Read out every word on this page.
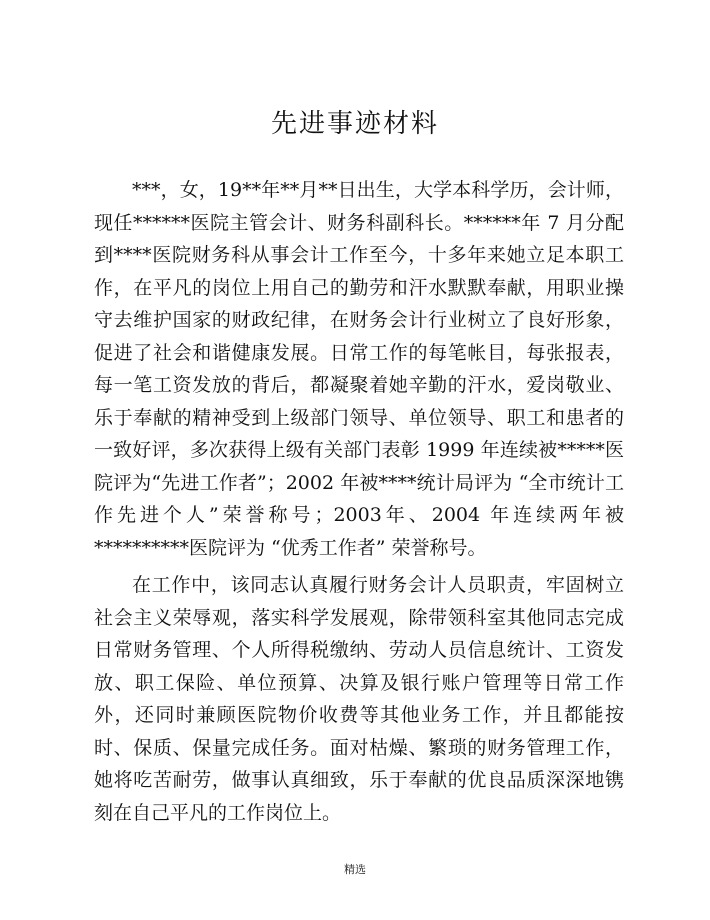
先进事迹材料

***，女，19**年**月**日出生，大学本科学历，会计师，现任******医院主管会计、财务科副科长。******年 7 月分配到****医院财务科从事会计工作至今，十多年来她立足本职工作，在平凡的岗位上用自己的勤劳和汗水默默奉献，用职业操守去维护国家的财政纪律，在财务会计行业树立了良好形象，促进了社会和谐健康发展。日常工作的每笔帐目，每张报表，每一笔工资发放的背后，都凝聚着她辛勤的汗水，爱岗敬业、乐于奉献的精神受到上级部门领导、单位领导、职工和患者的一致好评，多次获得上级有关部门表彰 1999 年连续被*****医院评为“先进工作者”；2002 年被****统计局评为 “全市统计工作先进个人”荣誉称号；2003年、2004 年连续两年被**********医院评为 “优秀工作者” 荣誉称号。

在工作中，该同志认真履行财务会计人员职责，牢固树立社会主义荣辱观，落实科学发展观，除带领科室其他同志完成日常财务管理、个人所得税缴纳、劳动人员信息统计、工资发放、职工保险、单位预算、决算及银行账户管理等日常工作外，还同时兼顾医院物价收费等其他业务工作，并且都能按时、保质、保量完成任务。面对枯燥、繁琐的财务管理工作，她将吃苦耐劳，做事认真细致，乐于奉献的优良品质深深地镌刻在自己平凡的工作岗位上。

精选
